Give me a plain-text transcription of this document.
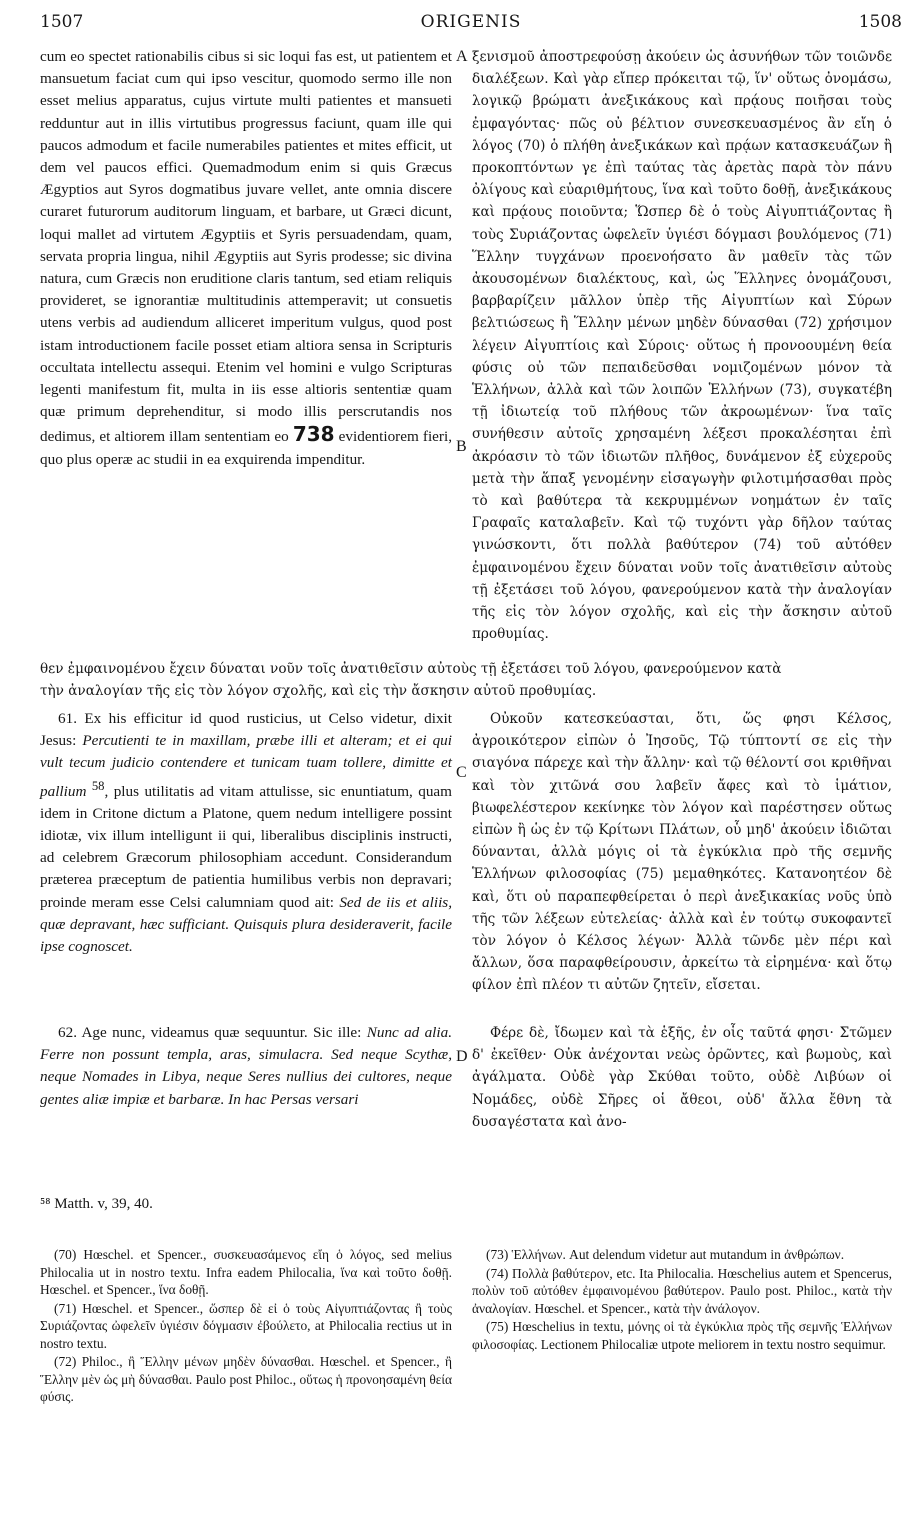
1507	ORIGENIS	1508
A
B
C
D

cum eo spectet rationabilis cibus si sic loqui fas est, ut patientem et mansuetum faciat cum qui ipso vescitur, quomodo sermo ille non esset melius apparatus, cujus virtute multi patientes et mansueti redduntur aut in illis virtutibus progressus faciunt, quam ille qui paucos admodum et facile numerabiles patientes et mites efficit, ut dem vel paucos effici. Quemadmodum enim si quis Græcus Ægyptios aut Syros dogmatibus juvare vellet, ante omnia discere curaret futurorum auditorum linguam, et barbare, ut Græci dicunt, loqui mallet ad virtutem Ægyptiis et Syris persuadendam, quam, servata propria lingua, nihil Ægyptiis aut Syris prodesse; sic divina natura, cum Græcis non eruditione claris tantum, sed etiam reliquis provideret, se ignorantiæ multitudinis attemperavit; ut consuetis utens verbis ad audiendum alliceret imperitum vulgus, quod post istam introductionem facile posset etiam altiora sensa in Scripturis occultata intellectu assequi. Etenim vel homini e vulgo Scripturas legenti manifestum fit, multa in iis esse altioris sententiæ quam quæ primum deprehenditur, si modo illis perscrutandis nos dedimus, et altiorem illam sententiam eo 738 evidentiorem fieri, quo plus operæ ac studii in ea exquirenda impenditur.

ξενισμοῦ ἀποστρεφούσῃ ἀκούειν ὡς ἀσυνήθων τῶν τοιῶνδε διαλέξεων. Καὶ γὰρ εἴπερ πρόκειται τῷ, ἵν' οὕτως ὀνομάσω, λογικῷ βρώματι ἀνεξικάκους καὶ πρᾴους ποιῆσαι τοὺς ἐμφαγόντας· πῶς οὐ βέλτιον συνεσκευασμένος ἂν εἴη ὁ λόγος (70) ὁ πλήθη ἀνεξικάκων καὶ πρᾴων κατασκευάζων ἢ προκοπτόντων γε ἐπὶ ταύτας τὰς ἀρετὰς παρὰ τὸν πάνυ ὀλίγους καὶ εὐαριθμήτους, ἵνα καὶ τοῦτο δοθῇ, ἀνεξικάκους καὶ πρᾴους ποιοῦντα; Ὥσπερ δὲ ὁ τοὺς Αἰγυπτιάζοντας ἢ τοὺς Συριάζοντας ὠφελεῖν ὑγιέσι δόγμασι βουλόμενος (71) Ἕλλην τυγχάνων προενοήσατο ἂν μαθεῖν τὰς τῶν ἀκουσομένων διαλέκτους, καὶ, ὡς Ἕλληνες ὀνομάζουσι, βαρβαρίζειν μᾶλλον ὑπὲρ τῆς Αἰγυπτίων καὶ Σύρων βελτιώσεως ἢ Ἕλλην μένων μηδὲν δύνασθαι (72) χρήσιμον λέγειν Αἰγυπτίοις καὶ Σύροις· οὕτως ἡ προνοουμένη θεία φύσις οὐ τῶν πεπαιδεῦσθαι νομιζομένων μόνον τὰ Ἑλλήνων, ἀλλὰ καὶ τῶν λοιπῶν Ἑλλήνων (73), συγκατέβη τῇ ἰδιωτείᾳ τοῦ πλήθους τῶν ἀκροωμένων· ἵνα ταῖς συνήθεσιν αὐτοῖς χρησαμένη λέξεσι προκαλέσηται ἐπὶ ἀκρόασιν τὸ τῶν ἰδιωτῶν πλῆθος, δυνάμενον ἐξ εὐχεροῦς μετὰ τὴν ἅπαξ γενομένην εἰσαγωγὴν φιλοτιμήσασθαι πρὸς τὸ καὶ βαθύτερα τὰ κεκρυμμένων νοημάτων ἐν ταῖς Γραφαῖς καταλαβεῖν. Καὶ τῷ τυχόντι γὰρ δῆλον ταύτας γινώσκοντι, ὅτι πολλὰ βαθύτερον (74) τοῦ αὐτόθεν ἐμφαινομένου ἔχειν δύναται νοῦν τοῖς ἀνατιθεῖσιν αὐτοὺς τῇ ἐξετάσει τοῦ λόγου, φανερούμενον κατὰ τὴν ἀναλογίαν τῆς εἰς τὸν λόγον σχολῆς, καὶ εἰς τὴν ἄσκησιν αὐτοῦ προθυμίας.

θεν ἐμφαινομένου ἔχειν δύναται νοῦν τοῖς ἀνατιθεῖσιν αὐτοὺς τῇ ἐξετάσει τοῦ λόγου, φανερούμενον κατὰ
τὴν ἀναλογίαν τῆς εἰς τὸν λόγον σχολῆς, καὶ εἰς τὴν ἄσκησιν αὐτοῦ προθυμίας.

61. Ex his efficitur id quod rusticius, ut Celso videtur, dixit Jesus: Percutienti te in maxillam, præbe illi et alteram; et ei qui vult tecum judicio contendere et tunicam tuam tollere, dimitte et pallium $^{58}$, plus utilitatis ad vitam attulisse, sic enuntiatum, quam idem in Critone dictum a Platone, quem nedum intelligere possint idiotæ, vix illum intelligunt ii qui, liberalibus disciplinis instructi, ad celebrem Græcorum philosophiam accedunt. Considerandum præterea præceptum de patientia humilibus verbis non depravari; proinde meram esse Celsi calumniam quod ait: Sed de iis et aliis, quæ depravant, hæc sufficiant. Quisquis plura desideraverit, facile ipse cognoscet.

Οὐκοῦν κατεσκεύασται, ὅτι, ὥς φησι Κέλσος, ἀγροικότερον εἰπὼν ὁ Ἰησοῦς, Τῷ τύπτοντί σε εἰς τὴν σιαγόνα πάρεχε καὶ τὴν ἄλλην· καὶ τῷ θέλοντί σοι κριθῆναι καὶ τὸν χιτῶνά σου λαβεῖν ἄφες καὶ τὸ ἱμάτιον, βιωφελέστερον κεκίνηκε τὸν λόγον καὶ παρέστησεν οὕτως εἰπὼν ἢ ὡς ἐν τῷ Κρίτωνι Πλάτων, οὗ μηδ' ἀκούειν ἰδιῶται δύνανται, ἀλλὰ μόγις οἱ τὰ ἐγκύκλια πρὸ τῆς σεμνῆς Ἑλλήνων φιλοσοφίας (75) μεμαθηκότες. Κατανοητέον δὲ καὶ, ὅτι οὐ παραπεφθείρεται ὁ περὶ ἀνεξικακίας νοῦς ὑπὸ τῆς τῶν λέξεων εὐτελείας· ἀλλὰ καὶ ἐν τούτῳ συκοφαντεῖ τὸν λόγον ὁ Κέλσος λέγων· Ἀλλὰ τῶνδε μὲν πέρι καὶ ἄλλων, ὅσα παραφθείρουσιν, ἀρκείτω τὰ εἰρημένα· καὶ ὅτῳ φίλον ἐπὶ πλέον τι αὐτῶν ζητεῖν, εἴσεται.

62. Age nunc, videamus quæ sequuntur. Sic ille: Nunc ad alia. Ferre non possunt templa, aras, simulacra. Sed neque Scythæ, neque Nomades in Libya, neque Seres nullius dei cultores, neque gentes aliæ impiæ et barbaræ. In hac Persas versari

Φέρε δὲ, ἴδωμεν καὶ τὰ ἑξῆς, ἐν οἷς ταῦτά φησι· Στῶμεν δ' ἐκεῖθεν· Οὐκ ἀνέχονται νεὼς ὁρῶντες, καὶ βωμοὺς, καὶ ἀγάλματα. Οὐδὲ γὰρ Σκύθαι τοῦτο, οὐδὲ Λιβύων οἱ Νομάδες, οὐδὲ Σῆρες οἱ ἄθεοι, οὐδ' ἄλλα ἔθνη τὰ δυσαγέστατα καὶ ἀνο-

⁵⁸ Matth. v, 39, 40.

(70) Hœschel. et Spencer., συσκευασάμενος εἴη ὁ λόγος, sed melius Philocalia ut in nostro textu. Infra eadem Philocalia, ἵνα καὶ τοῦτο δοθῇ. Hœschel. et Spencer., ἵνα δοθῇ.

(71) Hœschel. et Spencer., ὥσπερ δὲ εἰ ὁ τοὺς Αἰγυπτιάζοντας ἢ τοὺς Συριάζοντας ὠφελεῖν ὑγιέσιν δόγμασιν ἐβούλετο, at Philocalia rectius ut in nostro textu.

(72) Philoc., ἢ Ἕλλην μένων μηδὲν δύνασθαι. Hœschel. et Spencer., ἢ Ἕλλην μὲν ὡς μὴ δύνασθαι. Paulo post Philoc., οὕτως ἡ προνοησαμένη θεία φύσις.

(73) Ἑλλήνων. Aut delendum videtur aut mutandum in ἀνθρώπων.

(74) Πολλὰ βαθύτερον, etc. Ita Philocalia. Hœschelius autem et Spencerus, πολὺν τοῦ αὐτόθεν ἐμφαινομένου βαθύτερον. Paulo post. Philoc., κατὰ τὴν ἀναλογίαν. Hœschel. et Spencer., κατὰ τὴν ἀνάλογον.

(75) Hœschelius in textu, μόνης οἱ τὰ ἐγκύκλια πρὸς τῆς σεμνῆς Ἑλλήνων φιλοσοφίας. Lectionem Philocaliæ utpote meliorem in textu nostro sequimur.
